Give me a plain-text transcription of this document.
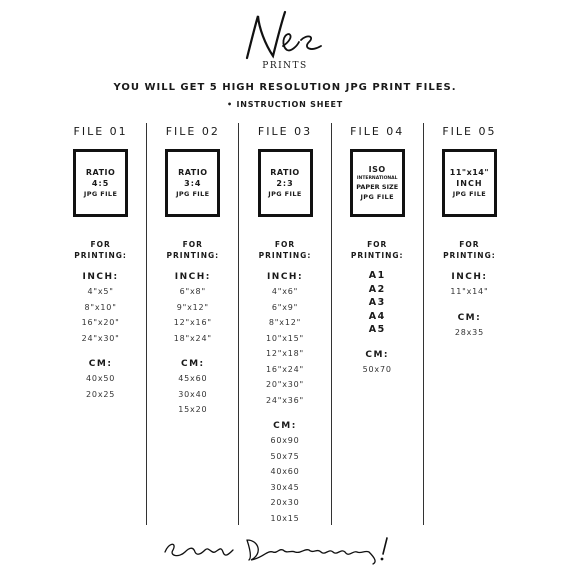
PRINTS
YOU WILL GET 5 HIGH RESOLUTION JPG PRINT FILES.
• INSTRUCTION SHEET
FILE 01
RATIO
4:5
JPG FILE
FOR
PRINTING:
INCH:
4"x5"
8"x10"
16"x20"
24"x30"
CM:
40x50
20x25
FILE 02
RATIO
3:4
JPG FILE
FOR
PRINTING:
INCH:
6"x8"
9"x12"
12"x16"
18"x24"
CM:
45x60
30x40
15x20
FILE 03
RATIO
2:3
JPG FILE
FOR
PRINTING:
INCH:
4"x6"
6"x9"
8"x12"
10"x15"
12"x18"
16"x24"
20"x30"
24"x36"
CM:
60x90
50x75
40x60
30x45
20x30
10x15
FILE 04
ISO
INTERNATIONAL
PAPER SIZE
JPG FILE
FOR
PRINTING:
A1
A2
A3
A4
A5
CM:
50x70
FILE 05
11"x14"
INCH
JPG FILE
FOR
PRINTING:
INCH:
11"x14"
CM:
28x35
